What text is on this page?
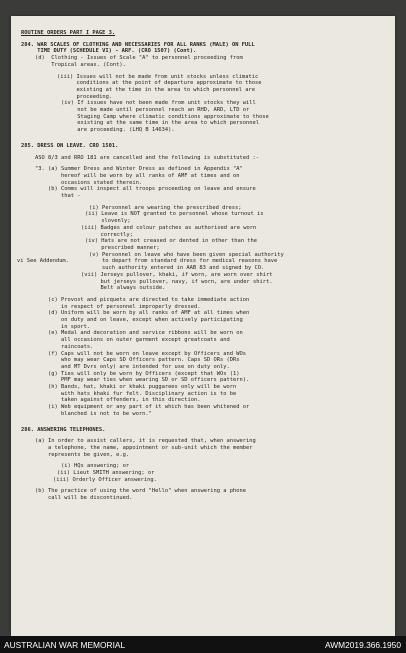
ROUTINE ORDERS PART I PAGE 3.
284. WAR SCALES OF CLOTHING AND NECESSARIES FOR ALL RANKS (MALE) ON FULL
TIME DUTY (SCHEDULE VI) - ARF. (CRO 1507) (Cont).
(d)  Clothing - Issues of Scale "A" to personnel proceeding from
Tropical areas. (Cont).
(iii) Issues will not be made from unit stocks unless climatic
conditions at the point of departure approximate to those
existing at the time in the area to which personnel are
proceeding.
(iv) If issues have not been made from unit stocks they will
not be made until personnel reach an RHD, ARD, LTD or
Staging Camp where climatic conditions approximate to those
existing at the same time in the area to which personnel
are proceeding. (LHQ B 14634).
285. DRESS ON LEAVE. CRO 1501.
ASO 8/3 and RRO 181 are cancelled and the following is substituted :-
"3. (a) Summer Dress and Winter Dress as defined in Appendix "A"
hereof will be worn by all ranks of AMF at times and on
occasions stated therein.
(b) Comms will inspect all troops proceeding on leave and ensure
that -
(i) Personnel are wearing the prescribed dress;
(ii) Leave is NOT granted to personnel whose turnout is
slovenly;
(iii) Badges and colour patches as authorised are worn
correctly;
(iv) Hats are not creased or dented in other than the
prescribed manner;
(v) Personnel on leave who have been given special authority
to depart from standard dress for medical reasons have
vi See Addendum.
such authority entered in AAB 83 and signed by CO.
(vii) Jerseys pullover, khaki, if worn, are worn over shirt
but jerseys pullover, navy, if worn, are under shirt.
Belt always outside.
(c) Provost and picquets are directed to take immediate action
in respect of personnel improperly dressed.
(d) Uniform will be worn by all ranks of AMF at all times when
on duty and on leave, except when actively participating
in sport.
(e) Medal and decoration and service ribbons will be worn on
all occasions on outer garment except greatcoats and
raincoats.
(f) Caps will not be worn on leave except by Officers and WOs
who may wear Caps SD Officers pattern. Caps SD ORs (DRs
and MT Dvrs only) are intended for use on duty only.
(g) Ties will only be worn by Officers (except that WOs (1)
PMF may wear ties when wearing SD or SD officers pattern).
(h) Bands, hat, khaki or khaki puggarees only will be worn
with hats khaki fur felt. Disciplinary action is to be
taken against offenders, in this direction.
(i) Web equipment or any part of it which has been whitened or
blanched is not to be worn."
286. ANSWERING TELEPHONES.
(a) In order to assist callers, it is requested that, when answering
a telephone, the name, appointment or sub-unit which the member
represents be given, e.g.
(i) HQs answering; or
(ii) Lieut SMITH answering; or
(iii) Orderly Officer answering.
(b) The practice of using the word "Hello" when answering a phone
call will be discontinued.
AUSTRALIAN WAR MEMORIAL	AWM2019.366.1950
